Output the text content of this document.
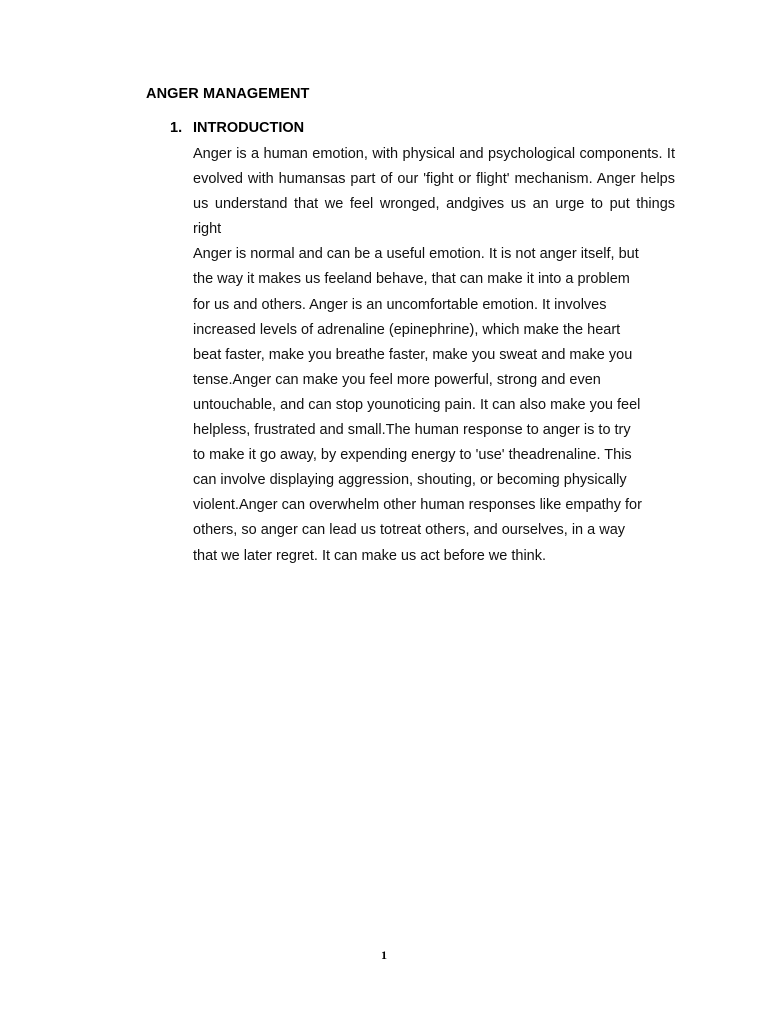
ANGER MANAGEMENT
1. INTRODUCTION

Anger is a human emotion, with physical and psychological components. It evolved with humansas part of our 'fight or flight' mechanism. Anger helps us understand that we feel wronged, andgives us an urge to put things right

Anger is normal and can be a useful emotion. It is not anger itself, but
the way it makes us feeland behave, that can make it into a problem
for us and others. Anger is an uncomfortable emotion. It involves
increased levels of adrenaline (epinephrine), which make the heart
beat faster, make you breathe faster, make you sweat and make you
tense.Anger can make you feel more powerful, strong and even
untouchable, and can stop younoticing pain. It can also make you feel
helpless, frustrated and small.The human response to anger is to try
to make it go away, by expending energy to 'use' theadrenaline. This
can involve displaying aggression, shouting, or becoming physically
violent.Anger can overwhelm other human responses like empathy for
others, so anger can lead us totreat others, and ourselves, in a way
that we later regret. It can make us act before we think.

1
